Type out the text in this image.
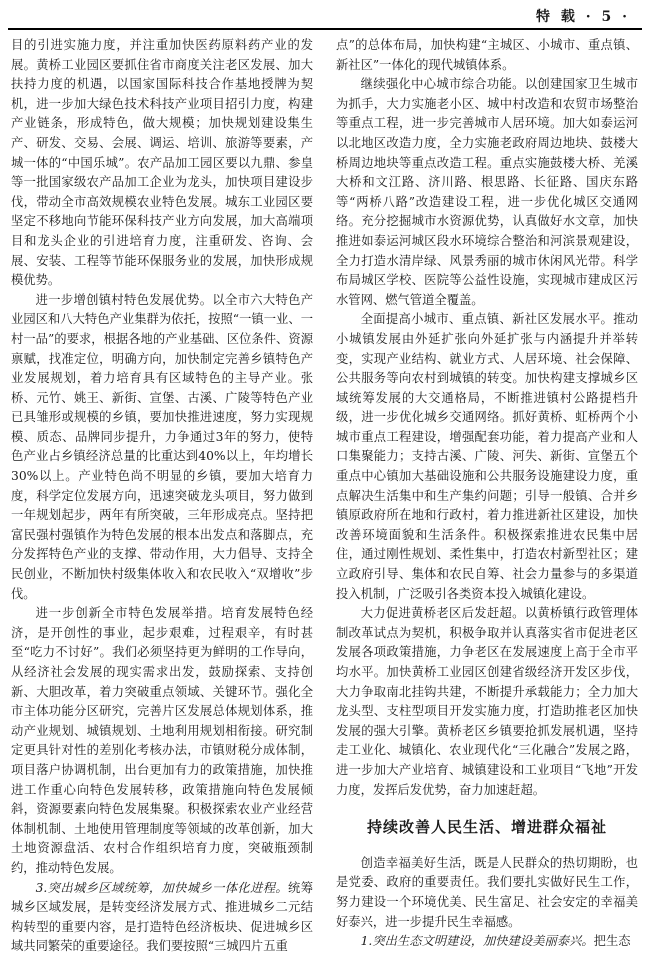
特 载 · 5 ·

目的引进实施力度，并注重加快医药原料药产业的发展。黄桥工业园区要抓住省市商度关注老区发展、加大扶持力度的机遇，以国家国际科技合作基地授牌为契机，进一步加大绿色技术科技产业项目招引力度，构建产业链条，形成特色，做大规模；加快规划建设集生产、研发、交易、会展、调运、培训、旅游等要素，产城一体的“中国乐城”。农产品加工园区要以九鼎、参皇等一批国家级农产品加工企业为龙头，加快项目建设步伐，带动全市高效规模农业特色发展。城东工业园区要坚定不移地向节能环保科技产业方向发展，加大高端项目和龙头企业的引进培育力度，注重研发、咨询、会展、安装、工程等节能环保服务业的发展，加快形成规模优势。

进一步增创镇村特色发展优势。以全市六大特色产业园区和八大特色产业集群为依托，按照“一镇一业、一村一品”的要求，根据各地的产业基础、区位条件、资源禀赋，找准定位，明确方向，加快制定完善乡镇特色产业发展规划，着力培育具有区域特色的主导产业。张桥、元竹、姚王、新街、宣堡、古溪、广陵等特色产业已具雏形或规模的乡镇，要加快推进速度，努力实现规模、质态、品牌同步提升，力争通过3年的努力，使特色产业占乡镇经济总量的比重达到40%以上，年均增长30%以上。产业特色尚不明显的乡镇，要加大培育力度，科学定位发展方向，迅速突破龙头项目，努力做到一年规划起步，两年有所突破，三年形成亮点。坚持把富民强村强镇作为特色发展的根本出发点和落脚点，充分发挥特色产业的支撑、带动作用，大力倡导、支持全民创业，不断加快村级集体收入和农民收入“双增收”步伐。

进一步创新全市特色发展举措。培育发展特色经济，是开创性的事业，起步艰难，过程艰辛，有时甚至“吃力不讨好”。我们必须坚持更为鲜明的工作导向，从经济社会发展的现实需求出发，鼓励探索、支持创新、大胆改革，着力突破重点领域、关键环节。强化全市主体功能分区研究，完善片区发展总体规划体系，推动产业规划、城镇规划、土地利用规划相衔接。研究制定更具针对性的差别化考核办法，市镇财税分成体制，项目落户协调机制，出台更加有力的政策措施，加快推进工作重心向特色发展转移，政策措施向特色发展倾斜，资源要素向特色发展集聚。积极探索农业产业经营体制机制、土地使用管理制度等领域的改革创新，加大土地资源盘活、农村合作组织培育力度，突破瓶颈制约，推动特色发展。

3.突出城乡区域统筹，加快城乡一体化进程。统筹城乡区域发展，是转变经济发展方式、推进城乡二元结构转型的重要内容，是打造特色经济板块、促进城乡区域共同繁荣的重要途径。我们要按照“三城四片五重

点”的总体布局，加快构建“主城区、小城市、重点镇、新社区”一体化的现代城镇体系。

继续强化中心城市综合功能。以创建国家卫生城市为抓手，大力实施老小区、城中村改造和农贸市场整治等重点工程，进一步完善城市人居环境。加大如泰运河以北地区改造力度，全力实施老政府周边地块、鼓楼大桥周边地块等重点改造工程。重点实施鼓楼大桥、羌溪大桥和文江路、济川路、根思路、长征路、国庆东路等“两桥八路”改造建设工程，进一步优化城区交通网络。充分挖掘城市水资源优势，认真做好水文章，加快推进如泰运河城区段水环境综合整治和河滨景观建设，全力打造水清岸绿、风景秀丽的城市休闲风光带。科学布局城区学校、医院等公益性设施，实现城市建成区污水管网、燃气管道全覆盖。

全面提高小城市、重点镇、新社区发展水平。推动小城镇发展由外延扩张向外延扩张与内涵提升并举转变，实现产业结构、就业方式、人居环境、社会保障、公共服务等向农村到城镇的转变。加快构建支撑城乡区域统筹发展的大交通格局，不断推进镇村公路提档升级，进一步优化城乡交通网络。抓好黄桥、虹桥两个小城市重点工程建设，增强配套功能，着力提高产业和人口集聚能力；支持古溪、广陵、河失、新街、宣堡五个重点中心镇加大基础设施和公共服务设施建设力度，重点解决生活集中和生产集约问题；引导一般镇、合并乡镇原政府所在地和行政村，着力推进新社区建设，加快改善环境面貌和生活条件。积极探索推进农民集中居住，通过刚性规划、柔性集中，打造农村新型社区；建立政府引导、集体和农民自筹、社会力量参与的多渠道投入机制，广泛吸引各类资本投入城镇化建设。

大力促进黄桥老区后发赶超。以黄桥镇行政管理体制改革试点为契机，积极争取并认真落实省市促进老区发展各项政策措施，力争老区在发展速度上高于全市平均水平。加快黄桥工业园区创建省级经济开发区步伐，大力争取南北挂钩共建，不断提升承载能力；全力加大龙头型、支柱型项目开发实施力度，打造助推老区加快发展的强大引擎。黄桥老区乡镇要抢抓发展机遇，坚持走工业化、城镇化、农业现代化“三化融合”发展之路，进一步加大产业培育、城镇建设和工业项目“飞地”开发力度，发挥后发优势，奋力加速赶超。

持续改善人民生活、增进群众福祉

创造幸福美好生活，既是人民群众的热切期盼，也是党委、政府的重要责任。我们要扎实做好民生工作，努力建设一个环境优美、民生富足、社会安定的幸福美好泰兴，进一步提升民生幸福感。

1.突出生态文明建设，加快建设美丽泰兴。把生态
